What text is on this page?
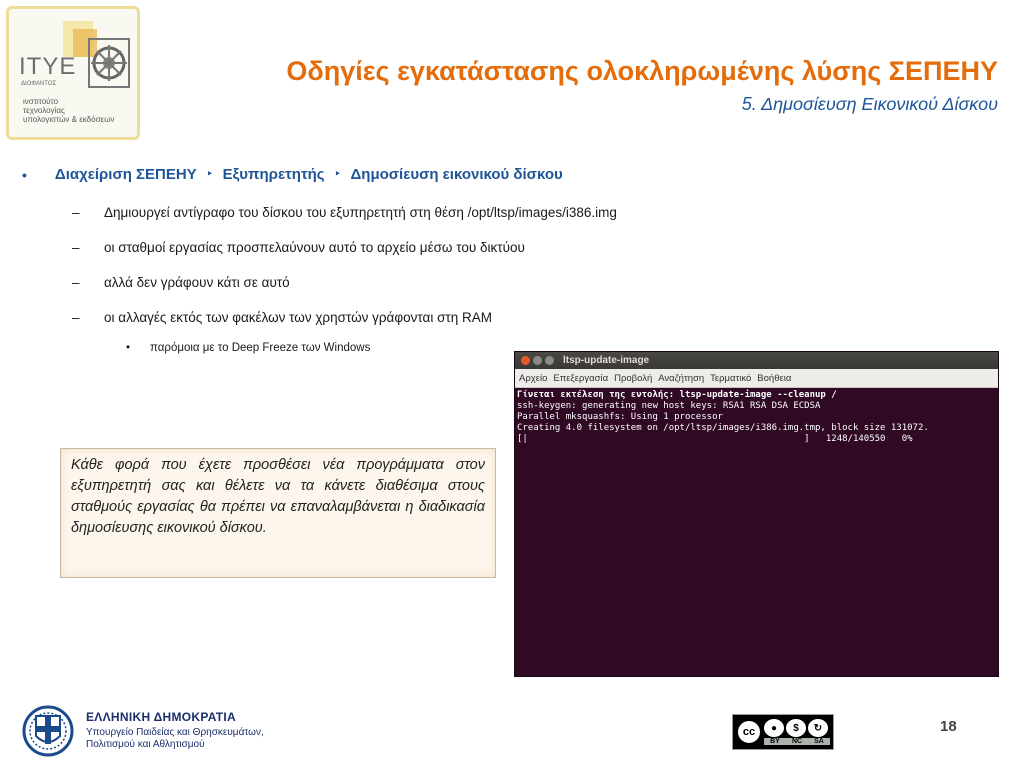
ITYE
ΔΙΟΦΑΝΤΟΣ
ινστιτούτο
τεχνολογίας
υπολογιστών & εκδόσεων
Οδηγίες εγκατάστασης ολοκληρωμένης λύσης ΣΕΠΕΗΥ
5. Δημοσίευση Εικονικού Δίσκου
• Διαχείριση ΣΕΠΕΗΥ ‣ Εξυπηρετητής ‣ Δημοσίευση εικονικού δίσκου
–	Δημιουργεί αντίγραφο του δίσκου του εξυπηρετητή στη θέση /opt/ltsp/images/i386.img
–	οι σταθμοί εργασίας προσπελαύνουν αυτό το αρχείο μέσω του δικτύου
–	αλλά δεν γράφουν κάτι σε αυτό
–	οι αλλαγές εκτός των φακέλων των χρηστών γράφονται στη RAM
•	παρόμοια με το Deep Freeze των Windows
Κάθε φορά που έχετε προσθέσει νέα προγράμματα στον εξυπηρετητή σας και θέλετε να τα κάνετε διαθέσιμα στους σταθμούς εργασίας θα πρέπει να επαναλαμβάνεται η διαδικασία δημοσίευσης εικονικού δίσκου.
ltsp-update-image
Αρχείο Επεξεργασία Προβολή Αναζήτηση Τερματικό Βοήθεια
Γίνεται εκτέλεση της εντολής: ltsp-update-image --cleanup /
ssh-keygen: generating new host keys: RSA1 RSA DSA ECDSA
Parallel mksquashfs: Using 1 processor
Creating 4.0 filesystem on /opt/ltsp/images/i386.img.tmp, block size 131072.
[|                                                   ]   1248/140550   0%
ΕΛΛΗΝΙΚΗ ΔΗΜΟΚΡΑΤΙΑ
Υπουργείο Παιδείας και Θρησκευμάτων,
Πολιτισμού και Αθλητισμού
cc	●	$	↻
BY	NC	SA
18
